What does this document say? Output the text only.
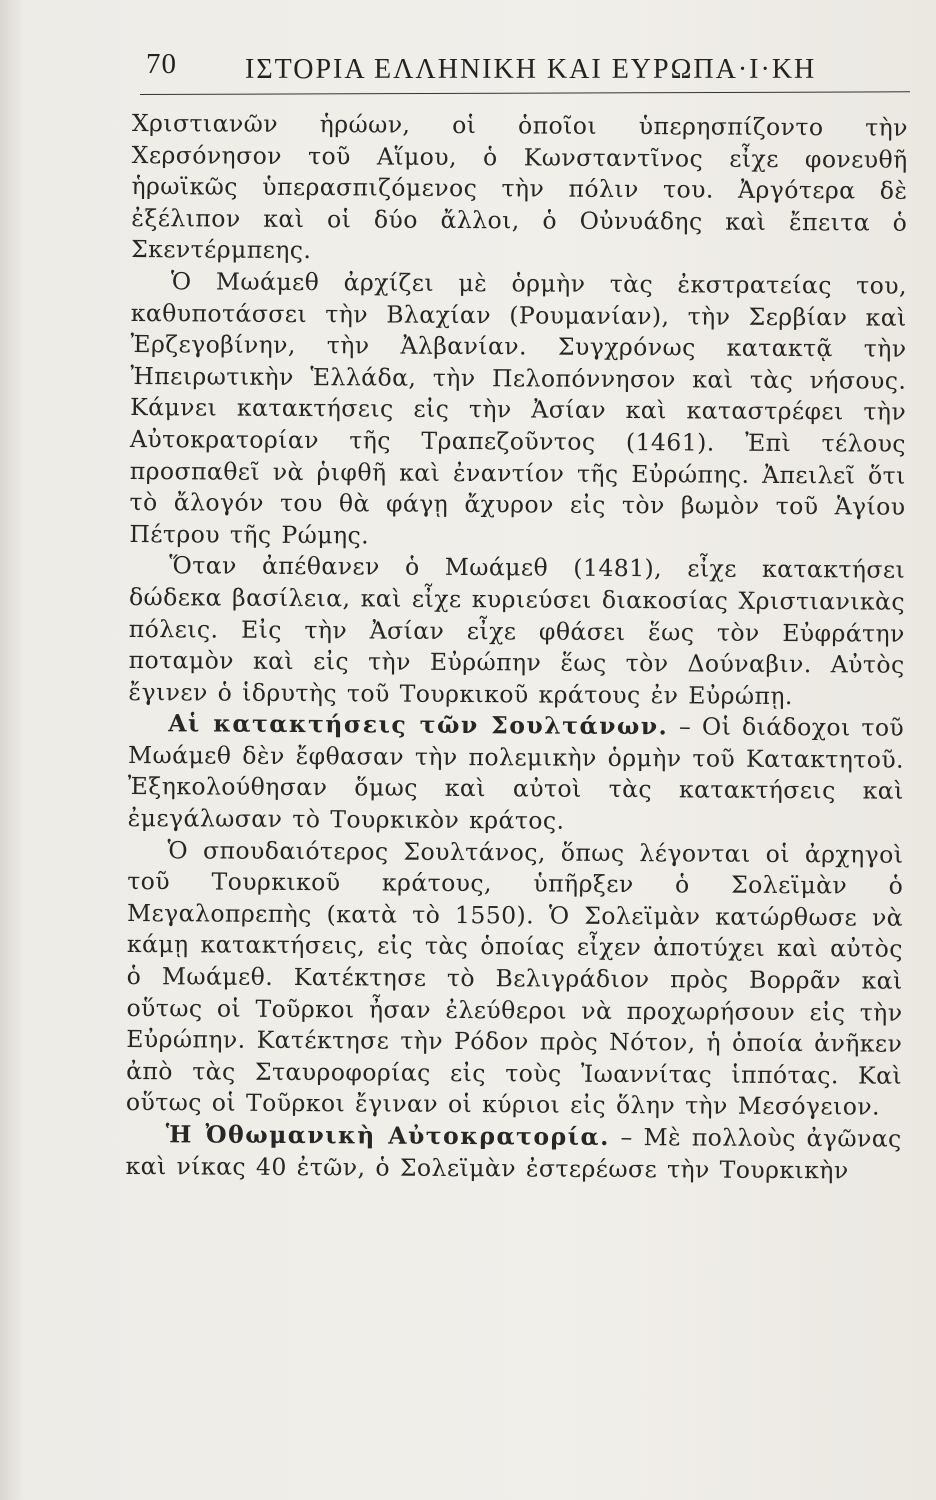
70 ΙΣΤΟΡΙΑ ΕΛΛΗΝΙΚΗ ΚΑΙ ΕΥΡΩΠΑ·Ι·ΚΗ

Χριστιανῶν ἡρώων, οἱ ὁποῖοι ὑπερησπίζοντο τὴν Χερσόνησον τοῦ Αἵμου, ὁ Κωνσταντῖνος εἶχε φονευθῆ ἡρωϊκῶς ὑπερασπιζόμενος τὴν πόλιν του. Ἀργότερα δὲ ἐξέλιπον καὶ οἱ δύο ἄλλοι, ὁ Οὐνυάδης καὶ ἔπειτα ὁ Σκεντέρμπεης.

Ὁ Μωάμεθ ἀρχίζει μὲ ὁρμὴν τὰς ἐκστρατείας του, καθυποτάσσει τὴν Βλαχίαν (Ρουμανίαν), τὴν Σερβίαν καὶ Ἐρζεγοβίνην, τὴν Ἀλβανίαν. Συγχρόνως κατακτᾷ τὴν Ἠπειρωτικὴν Ἑλλάδα, τὴν Πελοπόννησον καὶ τὰς νήσους. Κάμνει κατακτήσεις εἰς τὴν Ἀσίαν καὶ καταστρέφει τὴν Αὐτοκρατορίαν τῆς Τραπεζοῦντος (1461). Ἐπὶ τέλους προσπαθεῖ νὰ ῥιφθῆ καὶ ἐναντίον τῆς Εὐρώπης. Ἀπειλεῖ ὅτι τὸ ἄλογόν του θὰ φάγῃ ἄχυρον εἰς τὸν βωμὸν τοῦ Ἁγίου Πέτρου τῆς Ρώμης.

Ὅταν ἀπέθανεν ὁ Μωάμεθ (1481), εἶχε κατακτήσει δώδεκα βασίλεια, καὶ εἶχε κυριεύσει διακοσίας Χριστιανικὰς πόλεις. Εἰς τὴν Ἀσίαν εἶχε φθάσει ἕως τὸν Εὐφράτην ποταμὸν καὶ εἰς τὴν Εὐρώπην ἕως τὸν Δούναβιν. Αὐτὸς ἔγινεν ὁ ἱδρυτὴς τοῦ Τουρκικοῦ κράτους ἐν Εὐρώπῃ.

Αἱ κατακτήσεις τῶν Σουλτάνων. – Οἱ διάδοχοι τοῦ Μωάμεθ δὲν ἔφθασαν τὴν πολεμικὴν ὁρμὴν τοῦ Κατακτητοῦ. Ἐξηκολούθησαν ὅμως καὶ αὐτοὶ τὰς κατακτήσεις καὶ ἐμεγάλωσαν τὸ Τουρκικὸν κράτος.

Ὁ σπουδαιότερος Σουλτάνος, ὅπως λέγονται οἱ ἀρχηγοὶ τοῦ Τουρκικοῦ κράτους, ὑπῆρξεν ὁ Σολεϊμὰν ὁ Μεγαλοπρεπὴς (κατὰ τὸ 1550). Ὁ Σολεϊμὰν κατώρθωσε νὰ κάμῃ κατακτήσεις, εἰς τὰς ὁποίας εἶχεν ἀποτύχει καὶ αὐτὸς ὁ Μωάμεθ. Κατέκτησε τὸ Βελιγράδιον πρὸς Βορρᾶν καὶ οὕτως οἱ Τοῦρκοι ἦσαν ἐλεύθεροι νὰ προχωρήσουν εἰς τὴν Εὐρώπην. Κατέκτησε τὴν Ρόδον πρὸς Νότον, ἡ ὁποία ἀνῆκεν ἀπὸ τὰς Σταυροφορίας εἰς τοὺς Ἰωαννίτας ἱππότας. Καὶ οὕτως οἱ Τοῦρκοι ἔγιναν οἱ κύριοι εἰς ὅλην τὴν Μεσόγειον.

Ἡ Ὀθωμανικὴ Αὐτοκρατορία. – Μὲ πολλοὺς ἀγῶνας καὶ νίκας 40 ἐτῶν, ὁ Σολεϊμὰν ἐστερέωσε τὴν Τουρκικὴν
